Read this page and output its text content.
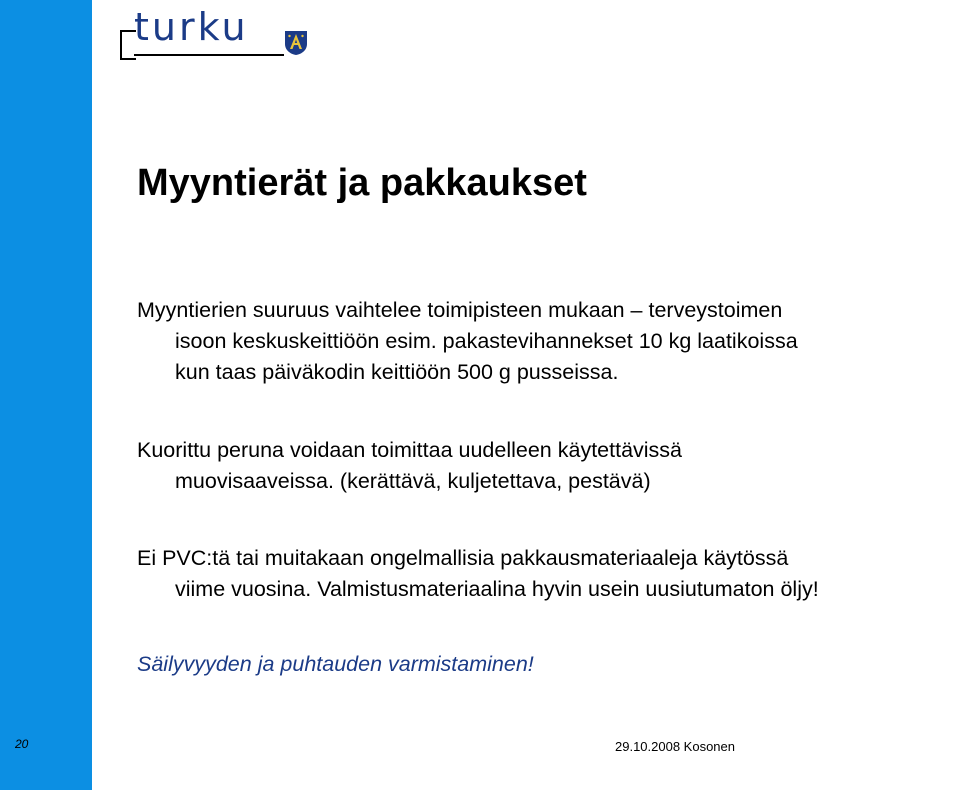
turku
Myyntierät ja pakkaukset

Myyntierien suuruus vaihtelee toimipisteen mukaan – terveystoimen
isoon keskuskeittiöön esim. pakastevihannekset 10 kg laatikoissa
kun taas päiväkodin keittiöön 500 g pusseissa.

Kuorittu peruna voidaan toimittaa uudelleen käytettävissä
muovisaaveissa. (kerättävä, kuljetettava, pestävä)

Ei PVC:tä tai muitakaan ongelmallisia pakkausmateriaaleja käytössä
viime vuosina. Valmistusmateriaalina hyvin usein uusiutumaton öljy!

Säilyvyyden ja puhtauden varmistaminen!

20	29.10.2008 Kosonen
